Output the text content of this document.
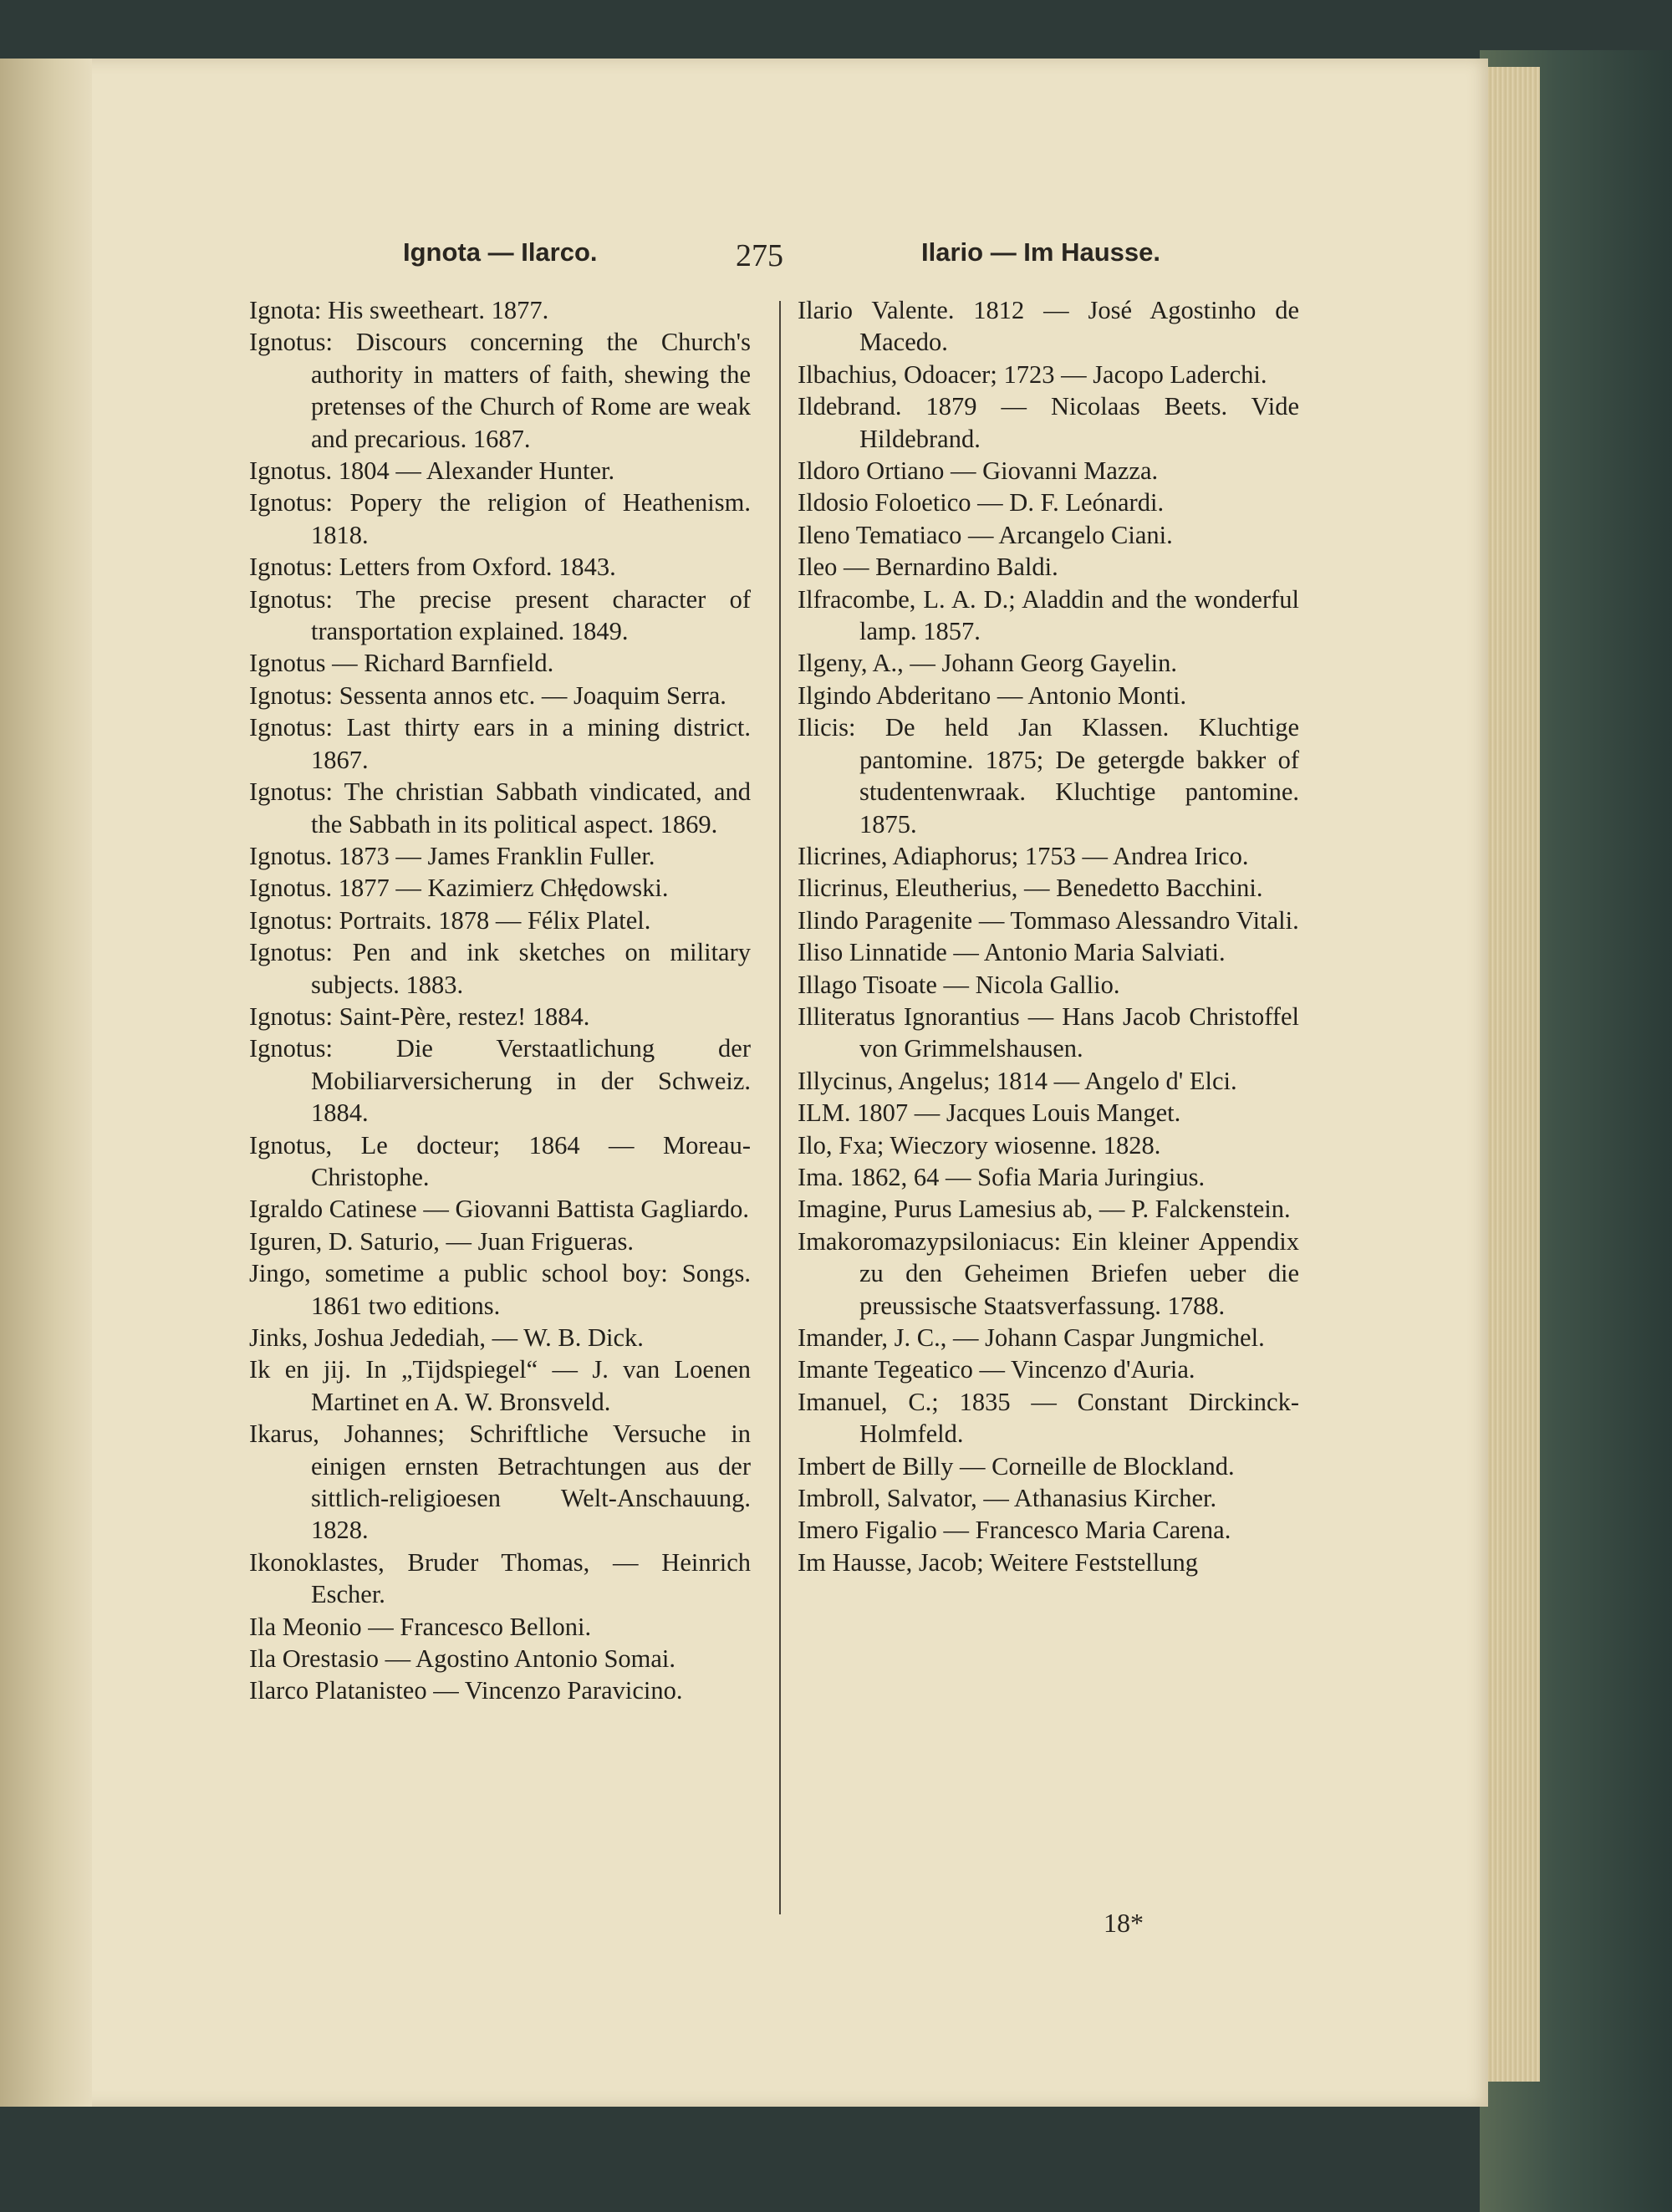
Ignota — Ilarco.	275	Ilario — Im Hausse.

Ignota: His sweetheart. 1877.

Ignotus: Discours concerning the Church's authority in matters of faith, shewing the pretenses of the Church of Rome are weak and precarious. 1687.

Ignotus. 1804 — Alexander Hunter.

Ignotus: Popery the religion of Heathenism. 1818.

Ignotus: Letters from Oxford. 1843.

Ignotus: The precise present character of transportation explained. 1849.

Ignotus — Richard Barnfield.

Ignotus: Sessenta annos etc. — Joaquim Serra.

Ignotus: Last thirty ears in a mining district. 1867.

Ignotus: The christian Sabbath vindicated, and the Sabbath in its political aspect. 1869.

Ignotus. 1873 — James Franklin Fuller.

Ignotus. 1877 — Kazimierz Chłędowski.

Ignotus: Portraits. 1878 — Félix Platel.

Ignotus: Pen and ink sketches on military subjects. 1883.

Ignotus: Saint-Père, restez! 1884.

Ignotus: Die Verstaatlichung der Mobiliarversicherung in der Schweiz. 1884.

Ignotus, Le docteur; 1864 — Moreau-Christophe.

Igraldo Catinese — Giovanni Battista Gagliardo.

Iguren, D. Saturio, — Juan Frigueras.

Jingo, sometime a public school boy: Songs. 1861 two editions.

Jinks, Joshua Jedediah, — W. B. Dick.

Ik en jij. In „Tijdspiegel“ — J. van Loenen Martinet en A. W. Bronsveld.

Ikarus, Johannes; Schriftliche Versuche in einigen ernsten Betrachtungen aus der sittlich-religioesen Welt-Anschauung. 1828.

Ikonoklastes, Bruder Thomas, — Heinrich Escher.

Ila Meonio — Francesco Belloni.

Ila Orestasio — Agostino Antonio Somai.

Ilarco Platanisteo — Vincenzo Paravicino.

Ilario Valente. 1812 — José Agostinho de Macedo.

Ilbachius, Odoacer; 1723 — Jacopo Laderchi.

Ildebrand. 1879 — Nicolaas Beets. Vide Hildebrand.

Ildoro Ortiano — Giovanni Mazza.

Ildosio Foloetico — D. F. Leónardi.

Ileno Tematiaco — Arcangelo Ciani.

Ileo — Bernardino Baldi.

Ilfracombe, L. A. D.; Aladdin and the wonderful lamp. 1857.

Ilgeny, A., — Johann Georg Gayelin.

Ilgindo Abderitano — Antonio Monti.

Ilicis: De held Jan Klassen. Kluchtige pantomine. 1875; De getergde bakker of studentenwraak. Kluchtige pantomine. 1875.

Ilicrines, Adiaphorus; 1753 — Andrea Irico.

Ilicrinus, Eleutherius, — Benedetto Bacchini.

Ilindo Paragenite — Tommaso Alessandro Vitali.

Iliso Linnatide — Antonio Maria Salviati.

Illago Tisoate — Nicola Gallio.

Illiteratus Ignorantius — Hans Jacob Christoffel von Grimmelshausen.

Illycinus, Angelus; 1814 — Angelo d' Elci.

ILM. 1807 — Jacques Louis Manget.

Ilo, Fxa; Wieczory wiosenne. 1828.

Ima. 1862, 64 — Sofia Maria Juringius.

Imagine, Purus Lamesius ab, — P. Falckenstein.

Imakoromazypsiloniacus: Ein kleiner Appendix zu den Geheimen Briefen ueber die preussische Staatsverfassung. 1788.

Imander, J. C., — Johann Caspar Jungmichel.

Imante Tegeatico — Vincenzo d'Auria.

Imanuel, C.; 1835 — Constant Dirckinck-Holmfeld.

Imbert de Billy — Corneille de Blockland.

Imbroll, Salvator, — Athanasius Kircher.

Imero Figalio — Francesco Maria Carena.

Im Hausse, Jacob; Weitere Feststellung

18*
